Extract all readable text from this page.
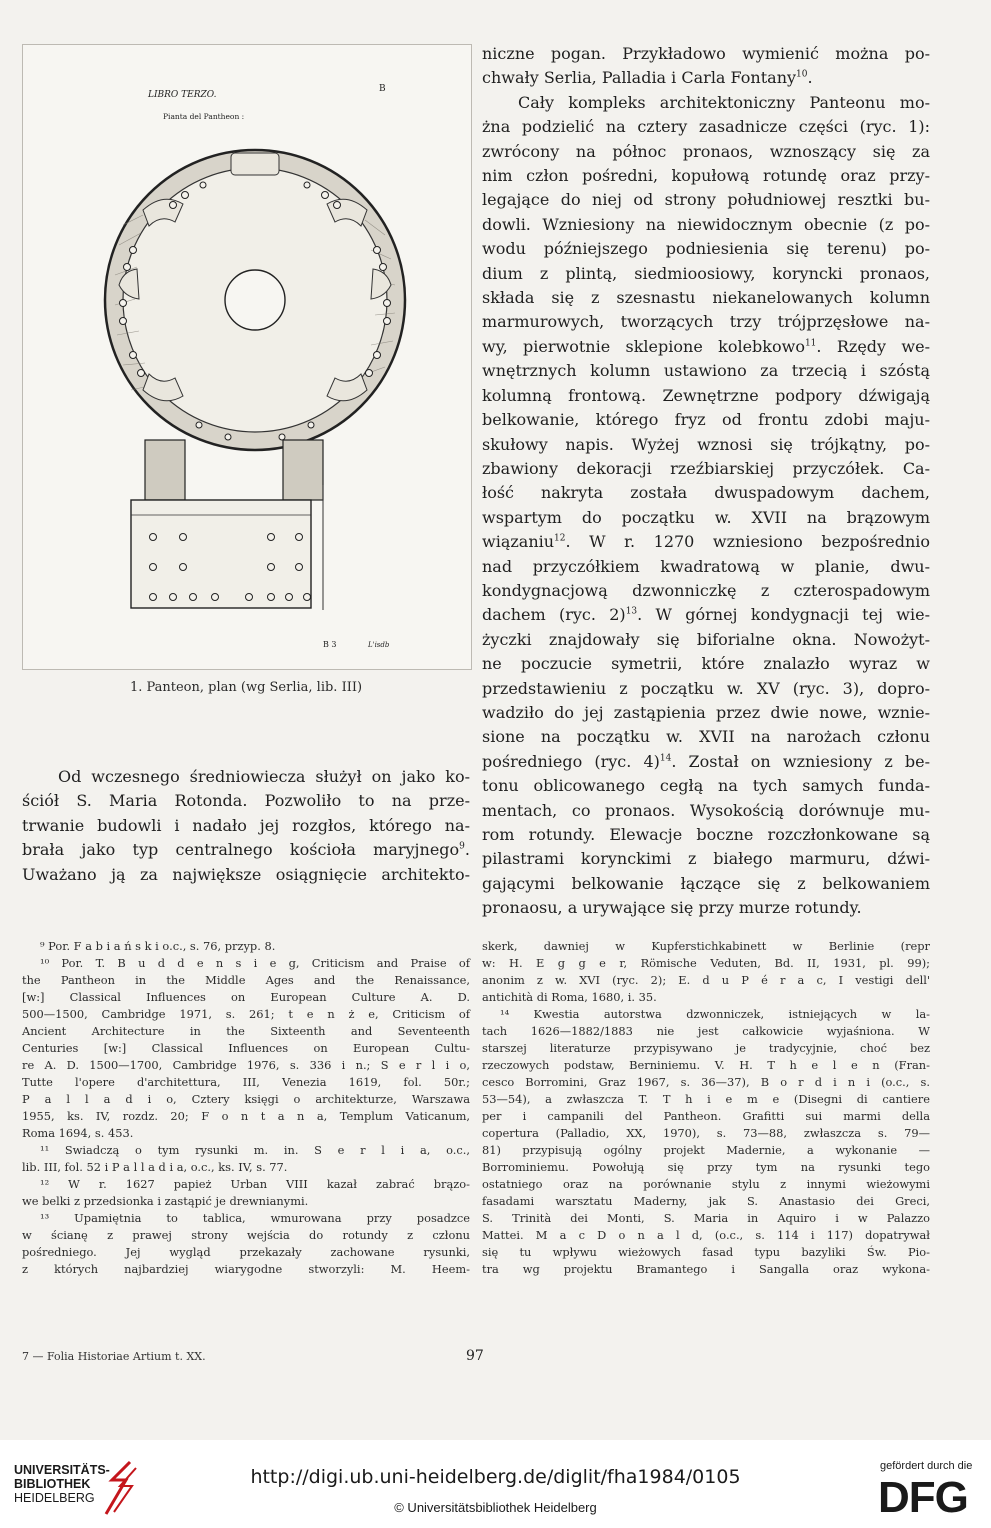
LIBRO TERZO.
B
Pianta del Pantheon :
B 3	L'isdb
1. Panteon, plan (wg Serlia, lib. III)

niczne pogan. Przykładowo wymienić można po-

chwały Serlia, Palladia i Carla Fontany$^{10}$.

Cały kompleks architektoniczny Panteonu mo-

żna podzielić na cztery zasadnicze części (ryc. 1):

zwrócony na północ pronaos, wznoszący się za

nim człon pośredni, kopułową rotundę oraz przy-

legające do niej od strony południowej resztki bu-

dowli. Wzniesiony na niewidocznym obecnie (z po-

wodu późniejszego podniesienia się terenu) po-

dium z plintą, siedmioosiowy, koryncki pronaos,

składa się z szesnastu niekanelowanych kolumn

marmurowych, tworzących trzy trójprzęsłowe na-

wy, pierwotnie sklepione kolebkowo$^{11}$. Rzędy we-

wnętrznych kolumn ustawiono za trzecią i szóstą

kolumną frontową. Zewnętrzne podpory dźwigają

belkowanie, którego fryz od frontu zdobi maju-

skułowy napis. Wyżej wznosi się trójkątny, po-

zbawiony dekoracji rzeźbiarskiej przyczółek. Ca-

łość nakryta została dwuspadowym dachem,

wspartym do początku w. XVII na brązowym

wiązaniu$^{12}$. W r. 1270 wzniesiono bezpośrednio

nad przyczółkiem kwadratową w planie, dwu-

kondygnacjową dzwonniczkę z czterospadowym

dachem (ryc. 2)$^{13}$. W górnej kondygnacji tej wie-

życzki znajdowały się biforialne okna. Nowożyt-

ne poczucie symetrii, które znalazło wyraz w

przedstawieniu z początku w. XV (ryc. 3), dopro-

wadziło do jej zastąpienia przez dwie nowe, wznie-

sione na początku w. XVII na narożach członu

pośredniego (ryc. 4)$^{14}$. Został on wzniesiony z be-

tonu oblicowanego cegłą na tych samych funda-

mentach, co pronaos. Wysokością dorównuje mu-

rom rotundy. Elewacje boczne rozczłonkowane są

pilastrami korynckimi z białego marmuru, dźwi-

gającymi belkowanie łączące się z belkowaniem

pronaosu, a urywające się przy murze rotundy.

Od wczesnego średniowiecza służył on jako ko-

ściół S. Maria Rotonda. Pozwoliło to na prze-

trwanie budowli i nadało jej rozgłos, którego na-

brała jako typ centralnego kościoła maryjnego$^9$.

Uważano ją za największe osiągnięcie architekto-

⁹ Por. F a b i a ń s k i o.c., s. 76, przyp. 8.

¹⁰ Por. T. B u d d e n s i e g, Criticism and Praise of

the Pantheon in the Middle Ages and the Renaissance,

[w:] Classical Influences on European Culture A. D.

500—1500, Cambridge 1971, s. 261; t e n ż e, Criticism of

Ancient Architecture in the Sixteenth and Seventeenth

Centuries [w:] Classical Influences on European Cultu-

re A. D. 1500—1700, Cambridge 1976, s. 336 i n.; S e r l i o,

Tutte l'opere d'architettura, III, Venezia 1619, fol. 50r.;

P a l l a d i o, Cztery księgi o architekturze, Warszawa

1955, ks. IV, rozdz. 20; F o n t a n a, Templum Vaticanum,

Roma 1694, s. 453.

¹¹ Swiadczą o tym rysunki m. in. S e r l i a, o.c.,

lib. III, fol. 52 i P a l l a d i a, o.c., ks. IV, s. 77.

¹² W r. 1627 papież Urban VIII kazał zabrać brązo-

we belki z przedsionka i zastąpić je drewnianymi.

¹³ Upamiętnia to tablica, wmurowana przy posadzce

w ścianę z prawej strony wejścia do rotundy z członu

pośredniego. Jej wygląd przekazały zachowane rysunki,

z których najbardziej wiarygodne stworzyli: M. Heem-

skerk, dawniej w Kupferstichkabinett w Berlinie (repr

w: H. E g g e r, Römische Veduten, Bd. II, 1931, pl. 99);

anonim z w. XVI (ryc. 2); E. d u P é r a c, I vestigi dell'

antichità di Roma, 1680, i. 35.

¹⁴ Kwestia autorstwa dzwonniczek, istniejących w la-

tach 1626—1882/1883 nie jest całkowicie wyjaśniona. W

starszej literaturze przypisywano je tradycyjnie, choć bez

rzeczowych podstaw, Berniniemu. V. H. T h e l e n (Fran-

cesco Borromini, Graz 1967, s. 36—37), B o r d i n i (o.c., s.

53—54), a zwłaszcza T. T h i e m e (Disegni di cantiere

per i campanili del Pantheon. Grafitti sui marmi della

copertura (Palladio, XX, 1970), s. 73—88, zwłaszcza s. 79—

81) przypisują ogólny projekt Madernie, a wykonanie —

Borrominiemu. Powołują się przy tym na rysunki tego

ostatniego oraz na porównanie stylu z innymi wieżowymi

fasadami warsztatu Maderny, jak S. Anastasio dei Greci,

S. Trinità dei Monti, S. Maria in Aquiro i w Palazzo

Mattei. M a c D o n a l d, (o.c., s. 114 i 117) dopatrywał

się tu wpływu wieżowych fasad typu bazyliki Św. Pio-

tra wg projektu Bramantego i Sangalla oraz wykona-

7 — Folia Historiae Artium t. XX.	97
UNIVERSITÄTS-
BIBLIOTHEK
HEIDELBERG
http://digi.ub.uni-heidelberg.de/diglit/fha1984/0105
© Universitätsbibliothek Heidelberg
gefördert durch die
DFG
